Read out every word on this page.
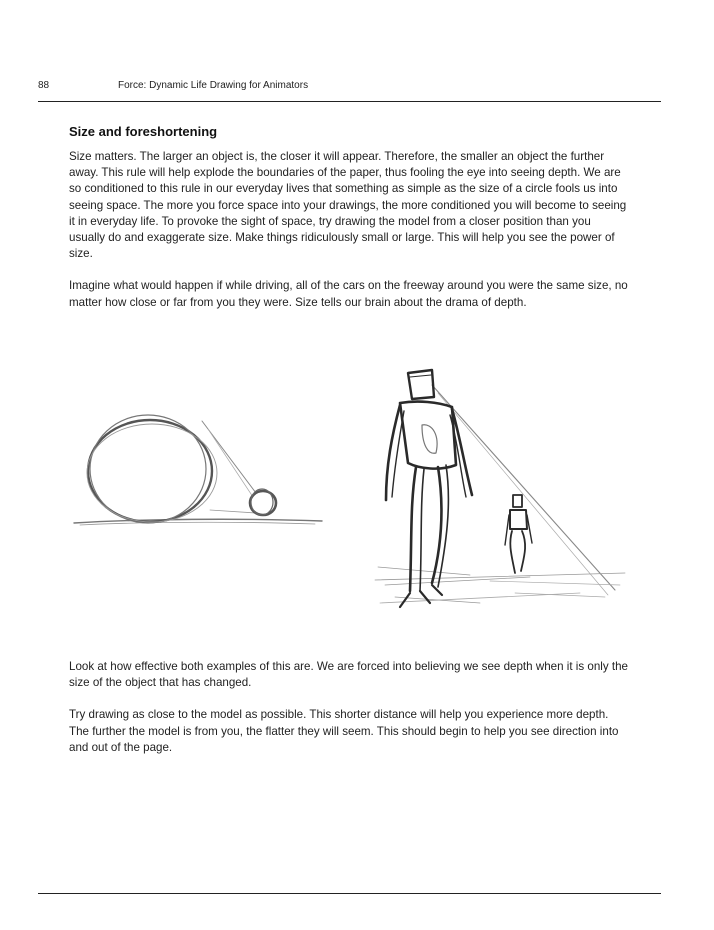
88	Force: Dynamic Life Drawing for Animators
Size and foreshortening

Size matters. The larger an object is, the closer it will appear. Therefore, the smaller an object the further away. This rule will help explode the boundaries of the paper, thus fooling the eye into seeing depth. We are so conditioned to this rule in our everyday lives that something as simple as the size of a circle fools us into seeing space. The more you force space into your drawings, the more conditioned you will become to seeing it in everyday life. To provoke the sight of space, try drawing the model from a closer position than you usually do and exaggerate size. Make things ridiculously small or large. This will help you see the power of size.

Imagine what would happen if while driving, all of the cars on the freeway around you were the same size, no matter how close or far from you they were. Size tells our brain about the drama of depth.

Look at how effective both examples of this are. We are forced into believing we see depth when it is only the size of the object that has changed.

Try drawing as close to the model as possible. This shorter distance will help you experience more depth. The further the model is from you, the flatter they will seem. This should begin to help you see direction into and out of the page.
